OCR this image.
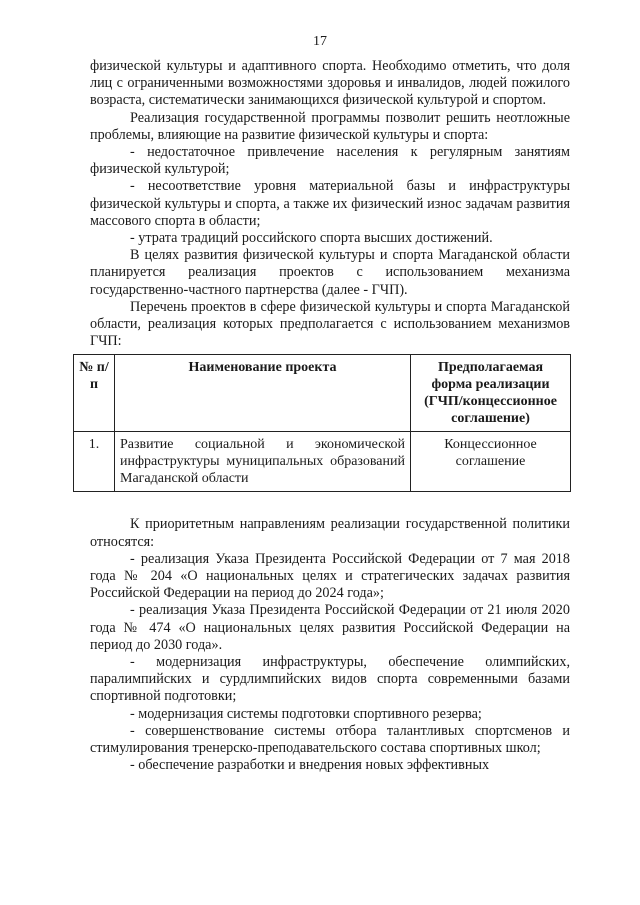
17

физической культуры и адаптивного спорта. Необходимо отметить, что доля лиц с ограниченными возможностями здоровья и инвалидов, людей пожилого возраста, систематически занимающихся физической культурой и спортом.

Реализация государственной программы позволит решить неотложные проблемы, влияющие на развитие физической культуры и спорта:

- недостаточное привлечение населения к регулярным занятиям физической культурой;

- несоответствие уровня материальной базы и инфраструктуры физической культуры и спорта, а также их физический износ задачам развития массового спорта в области;

- утрата традиций российского спорта высших достижений.

В целях развития физической культуры и спорта Магаданской области планируется реализация проектов с использованием механизма государственно-частного партнерства (далее - ГЧП).

Перечень проектов в сфере физической культуры и спорта Магаданской области, реализация которых предполагается с использованием механизмов ГЧП:

№ п/п	Наименование проекта	Предполагаемая форма реализации (ГЧП/концессионное соглашение)
1.	Развитие социальной и экономической инфраструктуры муниципальных образований Магаданской области	Концессионное соглашение

К приоритетным направлениям реализации государственной политики относятся:

- реализация Указа Президента Российской Федерации от 7 мая 2018 года № 204 «О национальных целях и стратегических задачах развития Российской Федерации на период до 2024 года»;

- реализация Указа Президента Российской Федерации от 21 июля 2020 года № 474 «О национальных целях развития Российской Федерации на период до 2030 года».

- модернизация инфраструктуры, обеспечение олимпийских, паралимпийских и сурдлимпийских видов спорта современными базами спортивной подготовки;

- модернизация системы подготовки спортивного резерва;

- совершенствование системы отбора талантливых спортсменов и стимулирования тренерско-преподавательского состава спортивных школ;

- обеспечение разработки и внедрения новых эффективных
